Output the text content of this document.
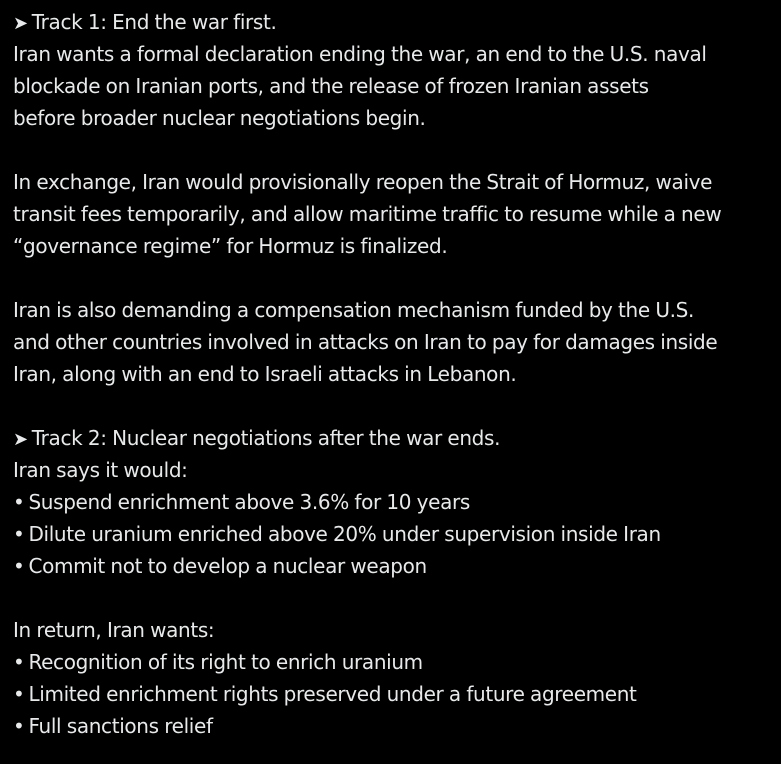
➤ Track 1: End the war first.
Iran wants a formal declaration ending the war, an end to the U.S. naval
blockade on Iranian ports, and the release of frozen Iranian assets
before broader nuclear negotiations begin.
In exchange, Iran would provisionally reopen the Strait of Hormuz, waive
transit fees temporarily, and allow maritime traffic to resume while a new
“governance regime” for Hormuz is finalized.
Iran is also demanding a compensation mechanism funded by the U.S.
and other countries involved in attacks on Iran to pay for damages inside
Iran, along with an end to Israeli attacks in Lebanon.
➤ Track 2: Nuclear negotiations after the war ends.
Iran says it would:
• Suspend enrichment above 3.6% for 10 years
• Dilute uranium enriched above 20% under supervision inside Iran
• Commit not to develop a nuclear weapon
In return, Iran wants:
• Recognition of its right to enrich uranium
• Limited enrichment rights preserved under a future agreement
• Full sanctions relief
